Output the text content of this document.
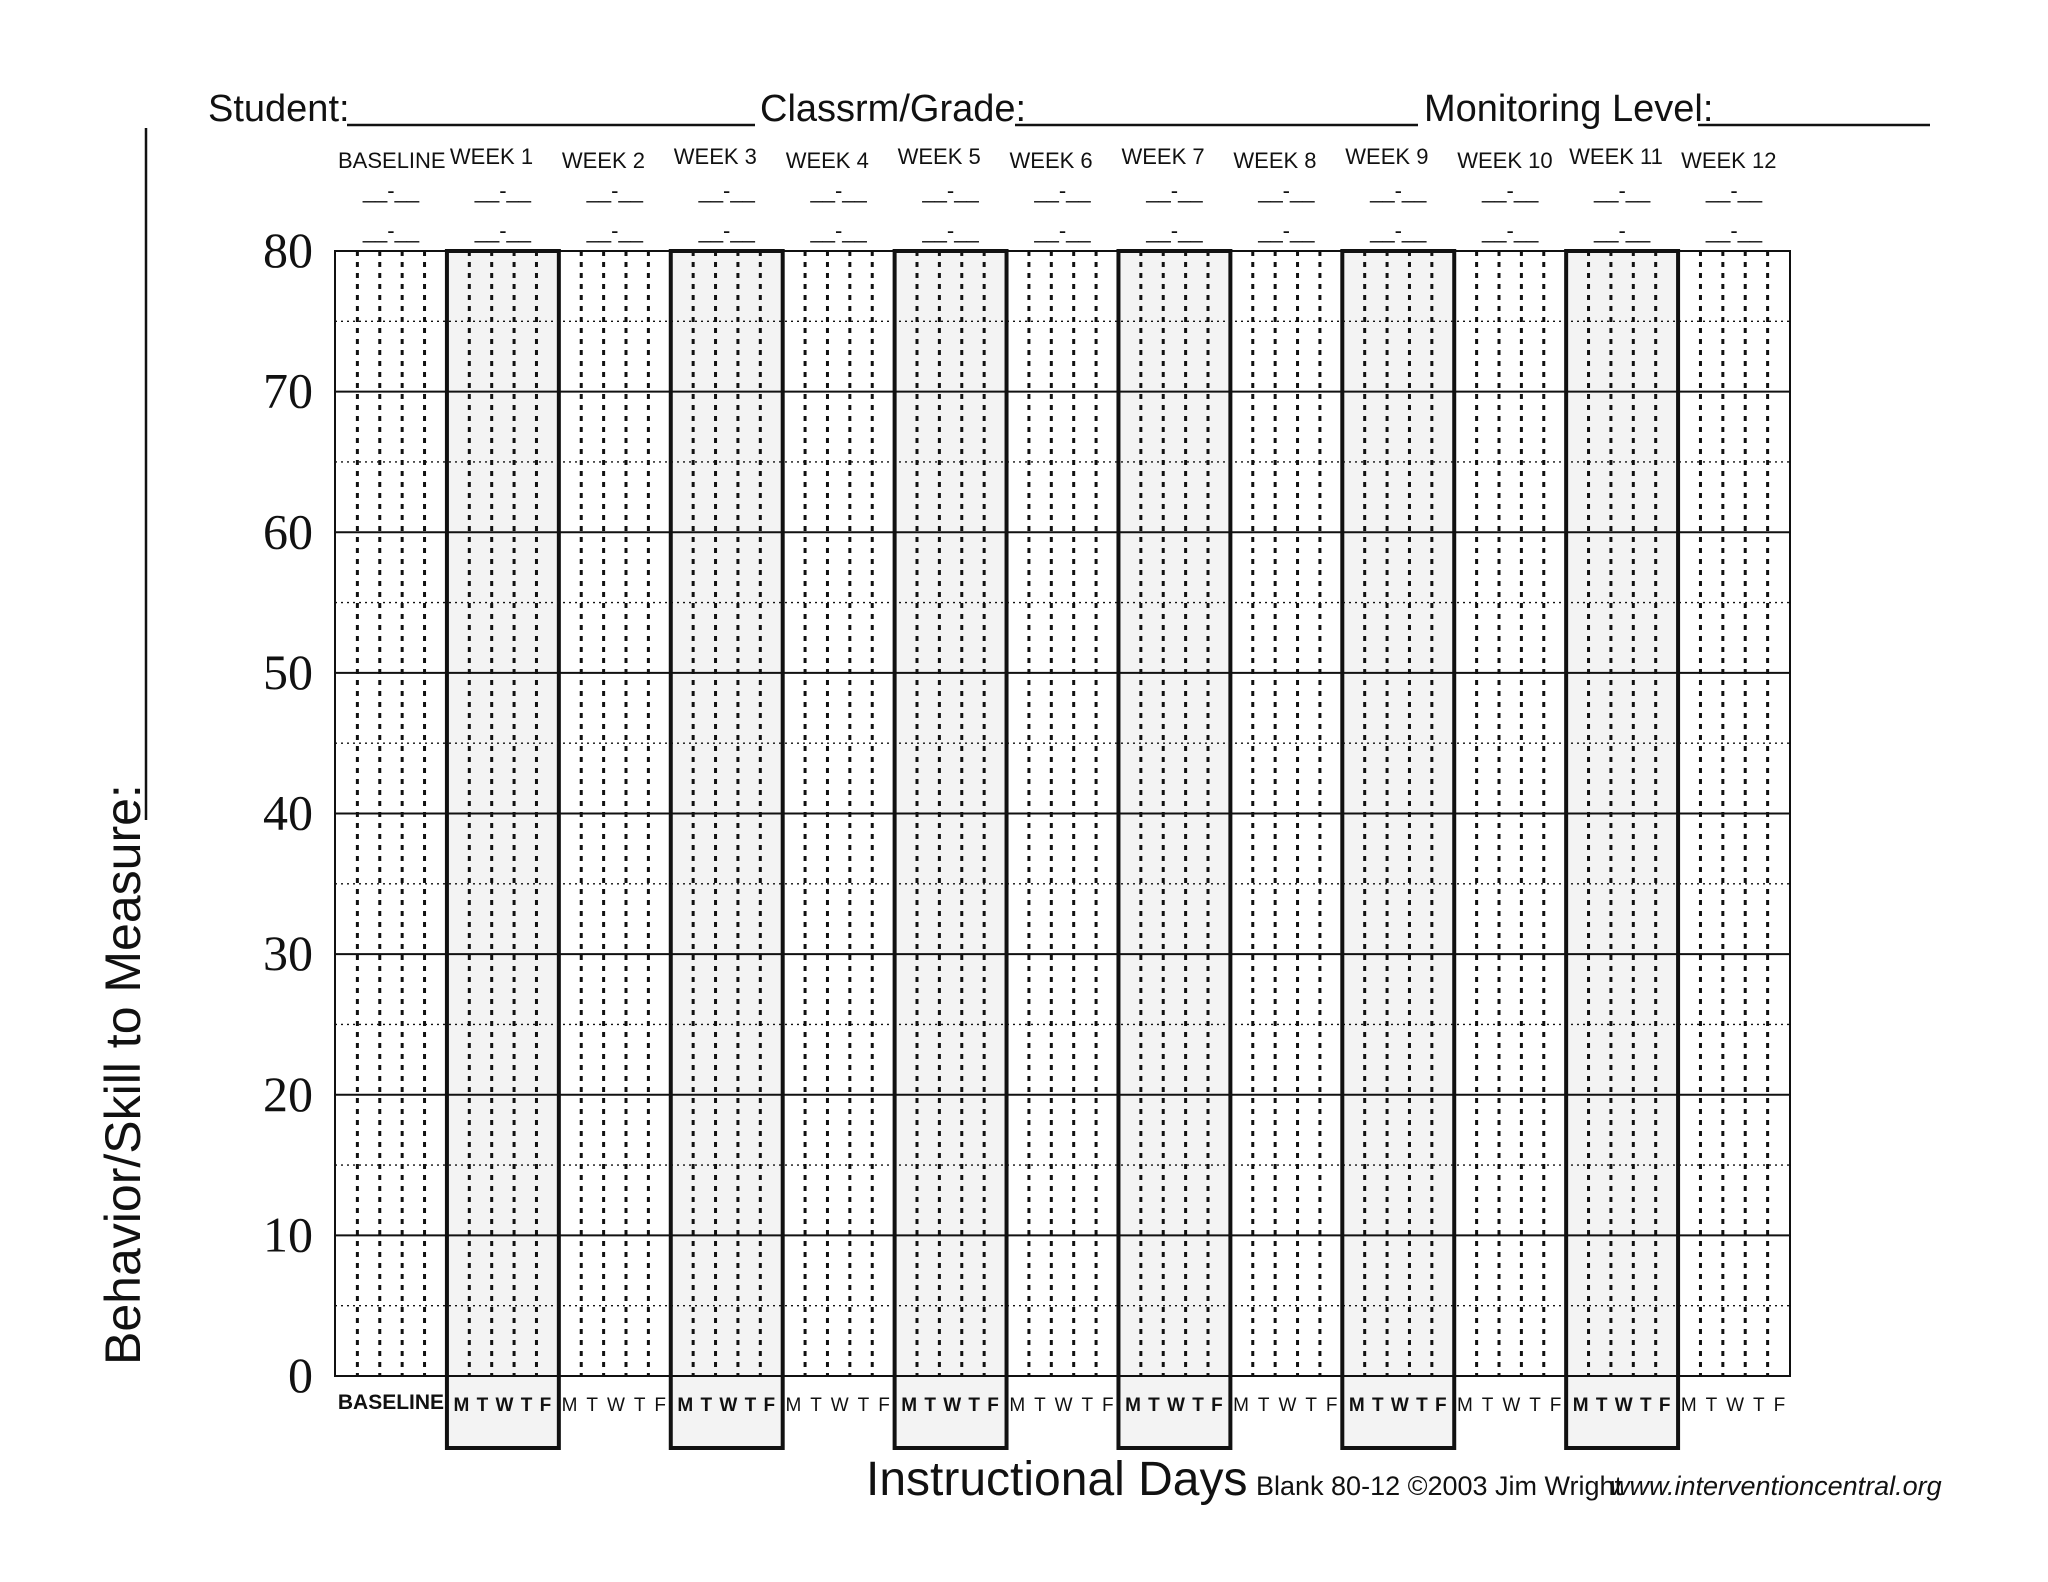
Student:	Classrm/Grade:	Monitoring Level:
Behavior/Skill to Measure:
0
10
20
30
40
50
60
70
80
BASELINE
__-__
__-__
WEEK 1
__-__
__-__
WEEK 2
__-__
__-__
WEEK 3
__-__
__-__
WEEK 4
__-__
__-__
WEEK 5
__-__
__-__
WEEK 6
__-__
__-__
WEEK 7
__-__
__-__
WEEK 8
__-__
__-__
WEEK 9
__-__
__-__
WEEK 10
__-__
__-__
WEEK 11
__-__
__-__
WEEK 12
__-__
__-__
BASELINE M T W T F M T W T F M T W T F M T W T F M T W T F M T W T F M T W T F M T W T F M T W T F M T W T F M T W T F M T W T F
Instructional Days Blank 80-12 ©2003 Jim Wright
www.interventioncentral.org
